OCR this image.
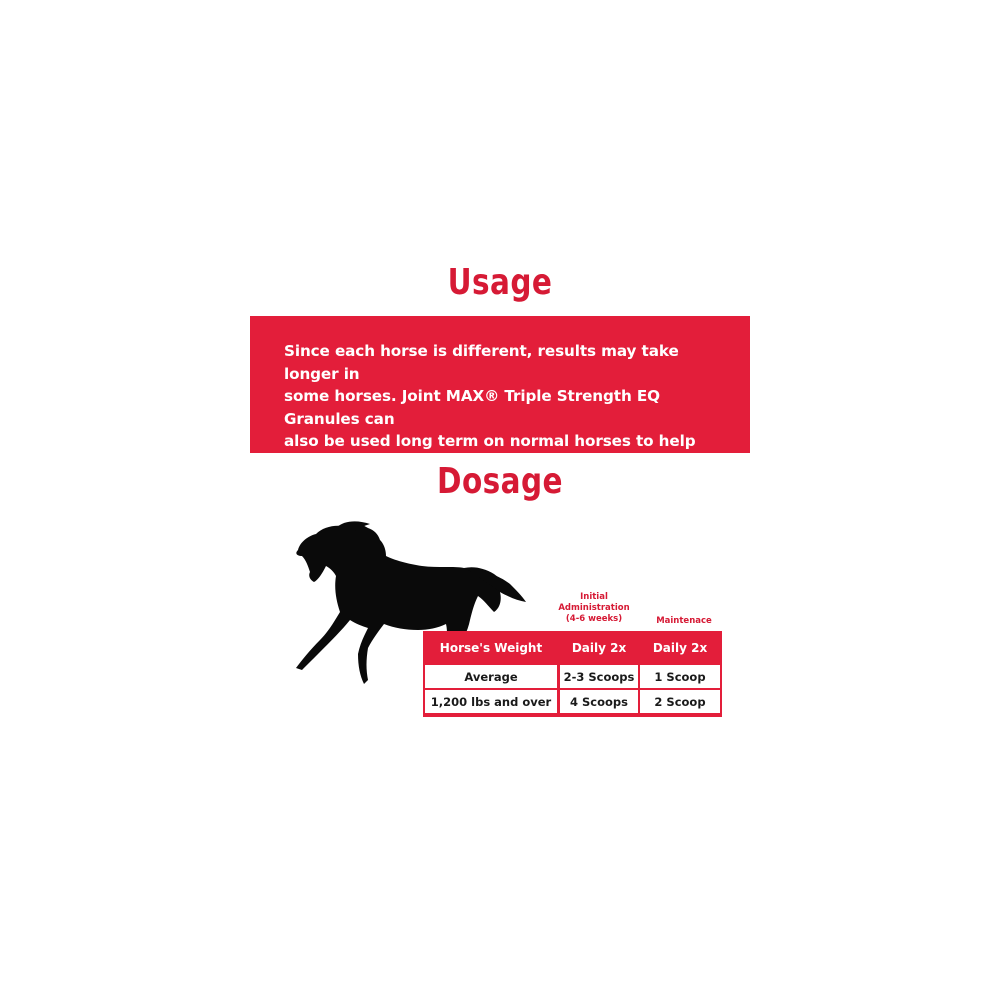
Usage

Since each horse is different, results may take longer in
some horses. Joint MAX® Triple Strength EQ Granules can
also be used long term on normal horses to help
keep their joints healthy.

Dosage
Initial
Administration
(4-6 weeks)	Maintenace
Horse's Weight	Daily 2x	Daily 2x
Average	2-3 Scoops	1 Scoop
1,200 lbs and over	4 Scoops	2 Scoop
